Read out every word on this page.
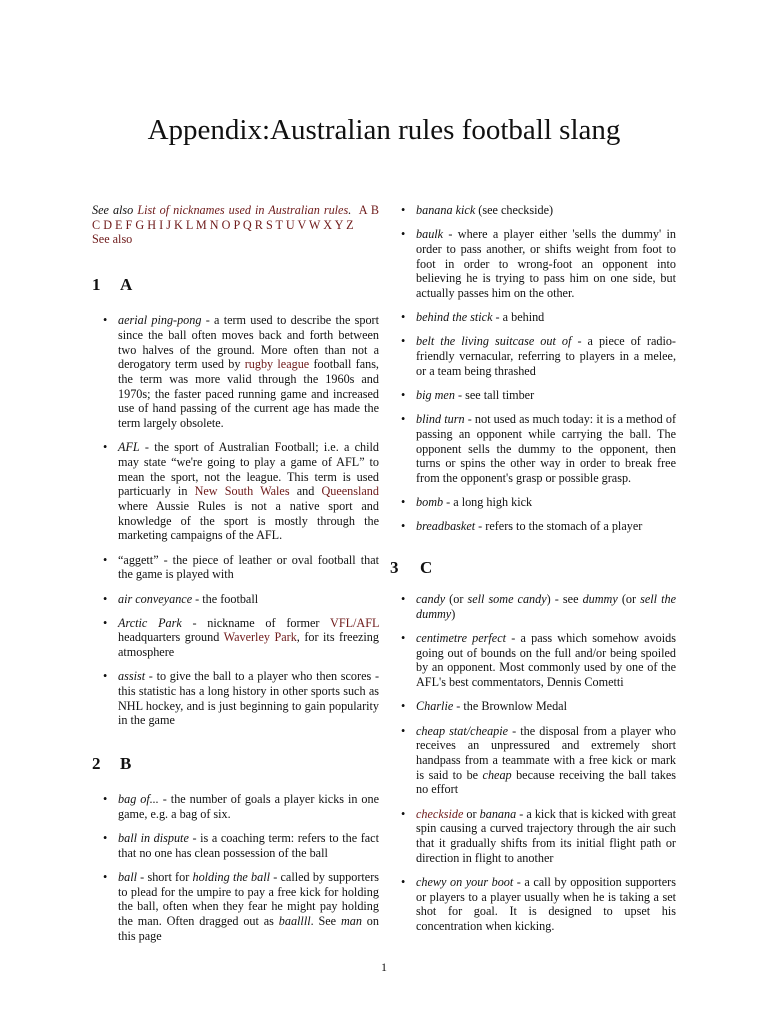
Appendix:Australian rules football slang

See also List of nicknames used in Australian rules. A B C D E F G H I J K L M N O P Q R S T U V W X Y Z
See also

1	A
• aerial ping-pong - a term used to describe the sport since the ball often moves back and forth between two halves of the ground. More often than not a derogatory term used by rugby league football fans, the term was more valid through the 1960s and 1970s; the faster paced running game and increased use of hand passing of the current age has made the term largely obsolete.
• AFL - the sport of Australian Football; i.e. a child may state “we're going to play a game of AFL” to mean the sport, not the league. This term is used particuarly in New South Wales and Queensland where Aussie Rules is not a native sport and knowledge of the sport is mostly through the marketing campaigns of the AFL.
• “aggett” - the piece of leather or oval football that the game is played with
• air conveyance - the football
• Arctic Park - nickname of former VFL/AFL headquarters ground Waverley Park, for its freezing atmosphere
• assist - to give the ball to a player who then scores - this statistic has a long history in other sports such as NHL hockey, and is just beginning to gain popularity in the game
2	B
• bag of... - the number of goals a player kicks in one game, e.g. a bag of six.
• ball in dispute - is a coaching term: refers to the fact that no one has clean possession of the ball
• ball - short for holding the ball - called by supporters to plead for the umpire to pay a free kick for holding the ball, often when they fear he might pay holding the man. Often dragged out as baallll. See man on this page
• banana kick (see checkside)
• baulk - where a player either 'sells the dummy' in order to pass another, or shifts weight from foot to foot in order to wrong-foot an opponent into believing he is trying to pass him on one side, but actually passes him on the other.
• behind the stick - a behind
• belt the living suitcase out of - a piece of radio-friendly vernacular, referring to players in a melee, or a team being thrashed
• big men - see tall timber
• blind turn - not used as much today: it is a method of passing an opponent while carrying the ball. The opponent sells the dummy to the opponent, then turns or spins the other way in order to break free from the opponent's grasp or possible grasp.
• bomb - a long high kick
• breadbasket - refers to the stomach of a player
3	C
• candy (or sell some candy) - see dummy (or sell the dummy)
• centimetre perfect - a pass which somehow avoids going out of bounds on the full and/or being spoiled by an opponent. Most commonly used by one of the AFL's best commentators, Dennis Cometti
• Charlie - the Brownlow Medal
• cheap stat/cheapie - the disposal from a player who receives an unpressured and extremely short handpass from a teammate with a free kick or mark is said to be cheap because receiving the ball takes no effort
• checkside or banana - a kick that is kicked with great spin causing a curved trajectory through the air such that it gradually shifts from its initial flight path or direction in flight to another
• chewy on your boot - a call by opposition supporters or players to a player usually when he is taking a set shot for goal. It is designed to upset his concentration when kicking.
1
